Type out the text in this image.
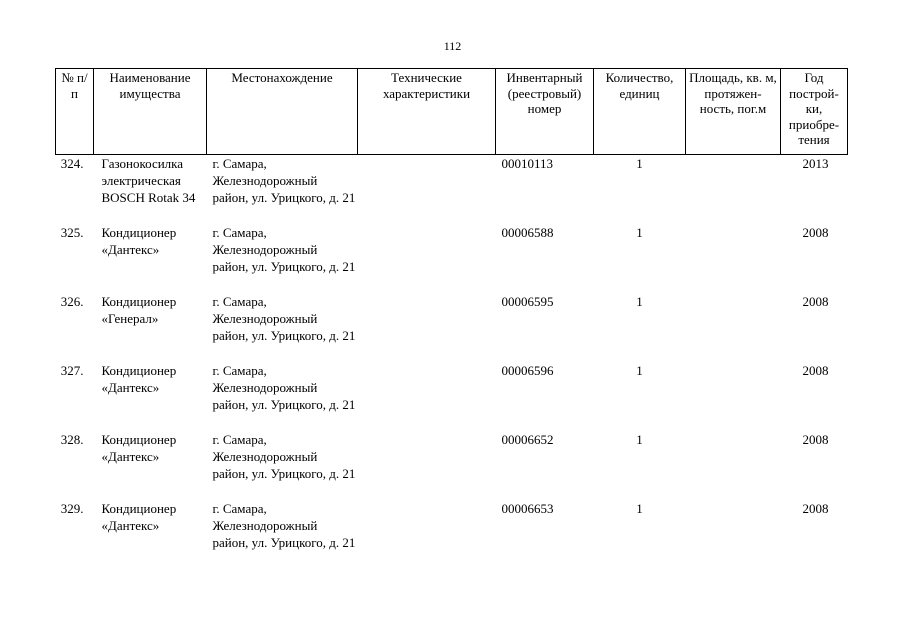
112
№ п/п	Наименование имущества	Местонахождение	Технические характеристики	Инвентарный (реестровый) номер	Количество, единиц	Площадь, кв. м, протяжен-ность, пог.м	Год построй-ки, приобре-тения
324.	Газонокосилка электрическая BOSCH Rotak 34	г. Самара, Железнодорожный район, ул. Урицкого, д. 21		00010113	1		2013
325.	Кондиционер «Дантекс»	г. Самара, Железнодорожный район, ул. Урицкого, д. 21		00006588	1		2008
326.	Кондиционер «Генерал»	г. Самара, Железнодорожный район, ул. Урицкого, д. 21		00006595	1		2008
327.	Кондиционер «Дантекс»	г. Самара, Железнодорожный район, ул. Урицкого, д. 21		00006596	1		2008
328.	Кондиционер «Дантекс»	г. Самара, Железнодорожный район, ул. Урицкого, д. 21		00006652	1		2008
329.	Кондиционер «Дантекс»	г. Самара, Железнодорожный район, ул. Урицкого, д. 21		00006653	1		2008
